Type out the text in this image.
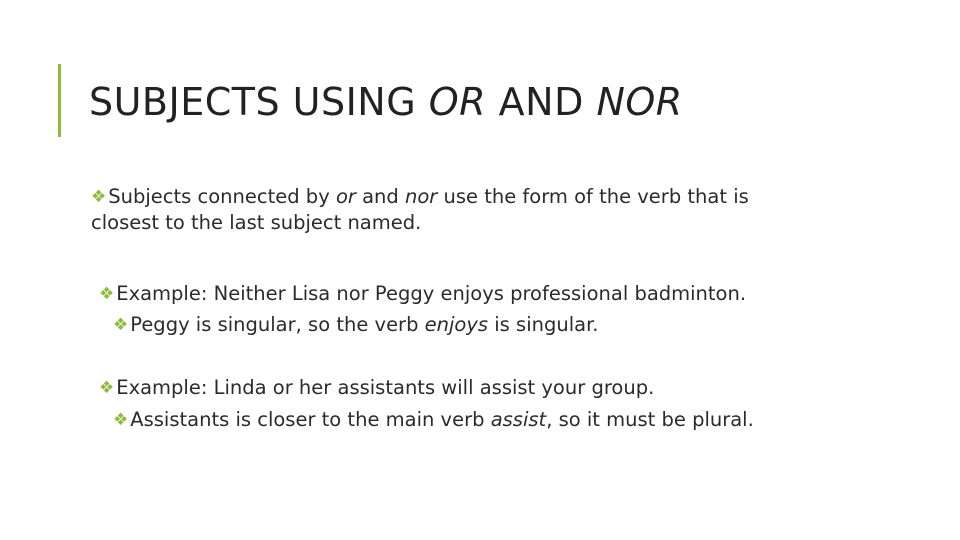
SUBJECTS USING OR AND NOR
❖ Subjects connected by or and nor use the form of the verb that is
closest to the last subject named.
❖ Example: Neither Lisa nor Peggy enjoys professional badminton.
❖ Peggy is singular, so the verb enjoys is singular.
❖ Example: Linda or her assistants will assist your group.
❖ Assistants is closer to the main verb assist, so it must be plural.
